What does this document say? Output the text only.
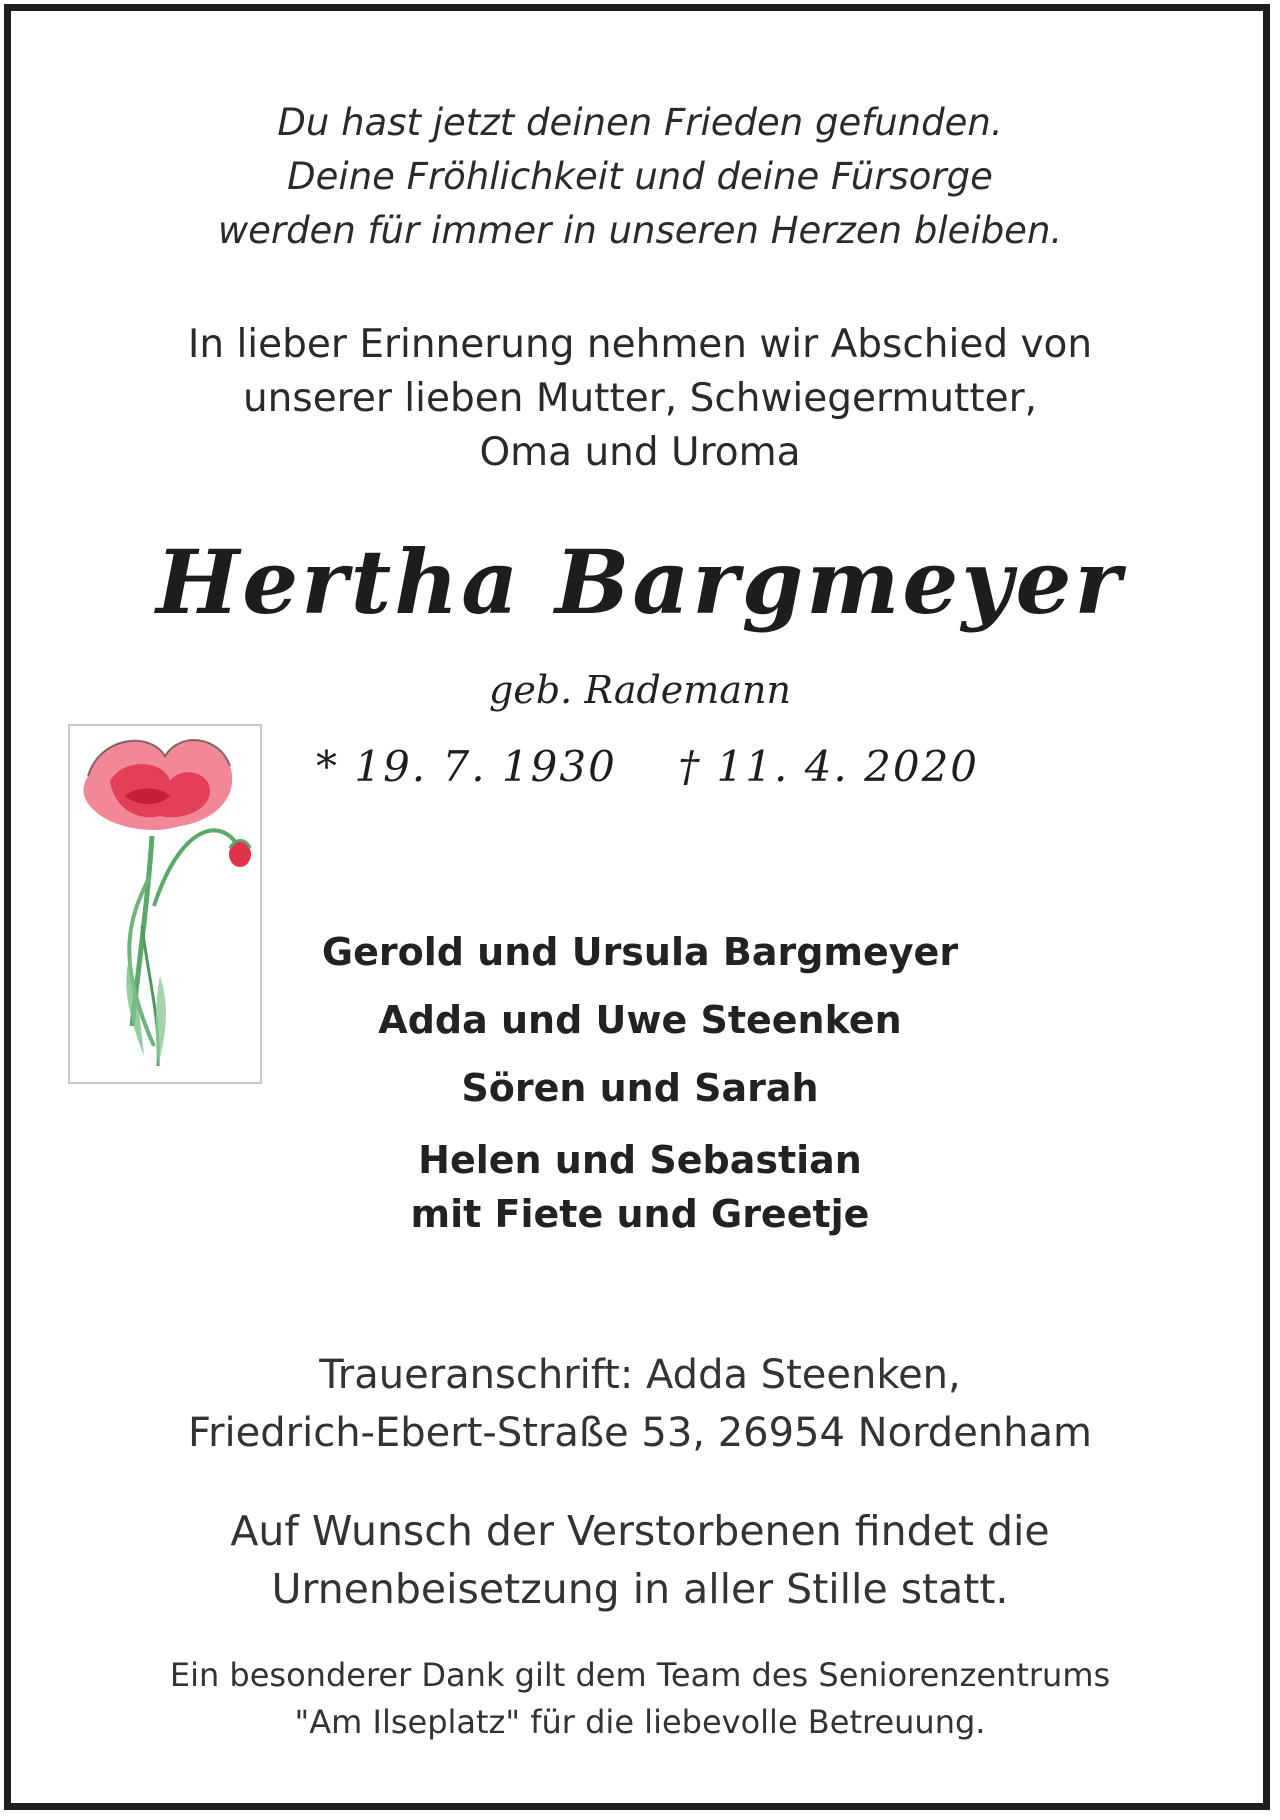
Du hast jetzt deinen Frieden gefunden.
Deine Fröhlichkeit und deine Fürsorge
werden für immer in unseren Herzen bleiben.
In lieber Erinnerung nehmen wir Abschied von
unserer lieben Mutter, Schwiegermutter,
Oma und Uroma
Hertha Bargmeyer
geb. Rademann
* 19. 7. 1930    † 11. 4. 2020
Gerold und Ursula Bargmeyer
Adda und Uwe Steenken
Sören und Sarah
Helen und Sebastian
mit Fiete und Greetje
Traueranschrift: Adda Steenken,
Friedrich-Ebert-Straße 53, 26954 Nordenham
Auf Wunsch der Verstorbenen findet die
Urnenbeisetzung in aller Stille statt.
Ein besonderer Dank gilt dem Team des Seniorenzentrums
"Am Ilseplatz" für die liebevolle Betreuung.
